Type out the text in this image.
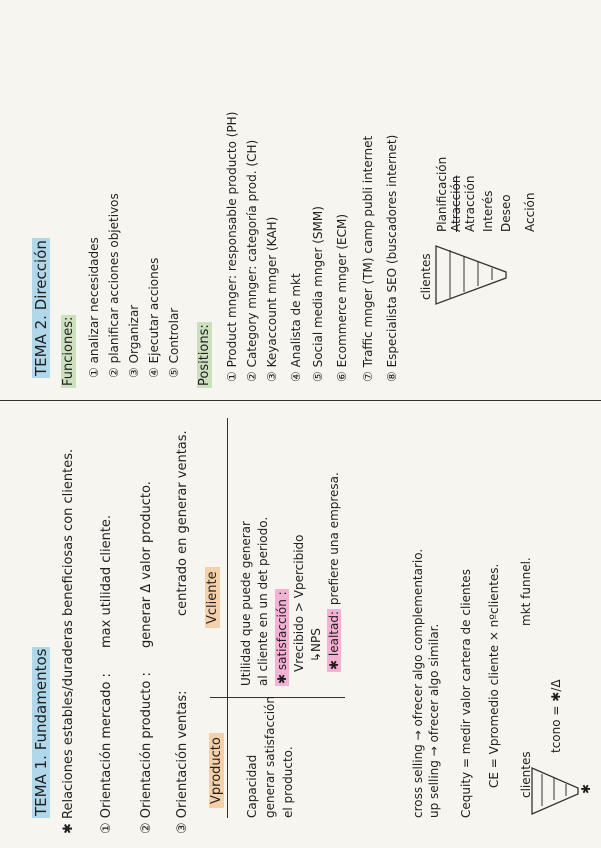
TEMA 1. Fundamentos ✱ Relaciones estables/duraderas beneficiosas con clientes. ① Orientación mercado :
max utilidad cliente.
② Orientación producto :
generar Δ valor producto.
③ Orientación ventas:
centrado en generar ventas.
Vproducto
Vcliente
Capacidad generar satisfacción el producto.
Utilidad que puede generar al cliente en un det periodo. ✱ satisfacción : Vrecibido > Vpercibido ↳NPS ✱ lealtad: prefiere una empresa.
cross selling → ofrecer algo complementario. up selling → ofrecer algo similar. Cequity = medir valor cartera de clientes CE = Vpromedio cliente × nºclientes. clientes
mkt funnel.
tcono = ✱/Δ
✱
TEMA 2. Dirección Funciones: ① analizar necesidades ② planificar acciones objetivos ③ Organizar ④ Ejecutar acciones ⑤ Controlar Positions: ① Product mnger: responsable producto (PH) ② Category mnger: categoría prod. (CH) ③ Keyaccount mnger (KAH) ④ Analista de mkt ⑤ Social media mnger (SMM) ⑥ Ecommerce mnger (ECM) ⑦ Traffic mnger (TM) camp publi internet ⑧ Especialista SEO (buscadores internet) clientes
Planificación Atracción Atracción Interés Deseo Acción
